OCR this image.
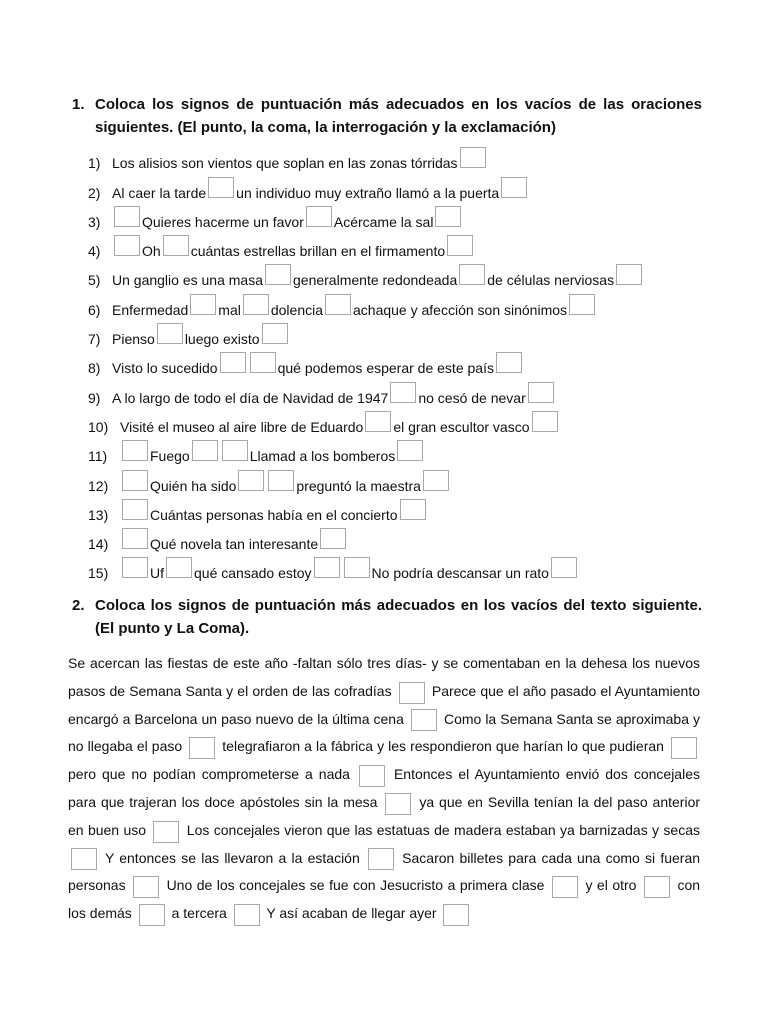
1. Coloca los signos de puntuación más adecuados en los vacíos de las oraciones siguientes. (El punto, la coma, la interrogación y la exclamación)
1) Los alisios son vientos que soplan en las zonas tórridas
2) Al caer la tarde un individuo muy extraño llamó a la puerta
3)	Quieres hacerme un favor Acércame la sal
4)	Oh cuántas estrellas brillan en el firmamento
5) Un ganglio es una masa generalmente redondeada de células nerviosas
6) Enfermedad mal dolencia achaque y afección son sinónimos
7) Pienso luego existo
8) Visto lo sucedido	qué podemos esperar de este país
9) A lo largo de todo el día de Navidad de 1947 no cesó de nevar
10) Visité el museo al aire libre de Eduardo el gran escultor vasco
11)	Fuego	Llamad a los bomberos
12)	Quién ha sido	preguntó la maestra
13)	Cuántas personas había en el concierto
14)	Qué novela tan interesante
15)	Uf qué cansado estoy	No podría descansar un rato
2. Coloca los signos de puntuación más adecuados en los vacíos del texto siguiente. (El punto y La Coma).
Se acercan las fiestas de este año -faltan sólo tres días- y se comentaban en la dehesa los nuevos pasos de Semana Santa y el orden de las cofradías	Parece que el año pasado el Ayuntamiento encargó a Barcelona un paso nuevo de la última cena	Como la Semana Santa se aproximaba y no llegaba el paso	telegrafiaron a la fábrica y les respondieron que harían lo que pudieran  pero que no podían comprometerse a nada	Entonces el Ayuntamiento envió dos concejales para que trajeran los doce apóstoles sin la mesa	ya que en Sevilla tenían la del paso anterior en buen uso	Los concejales vieron que las estatuas de madera estaban ya barnizadas y secas  Y entonces se las llevaron a la estación	Sacaron billetes para cada una como si fueran personas	Uno de los concejales se fue con Jesucristo a primera clase	y el otro	con los demás	a tercera	Y así acaban de llegar ayer
